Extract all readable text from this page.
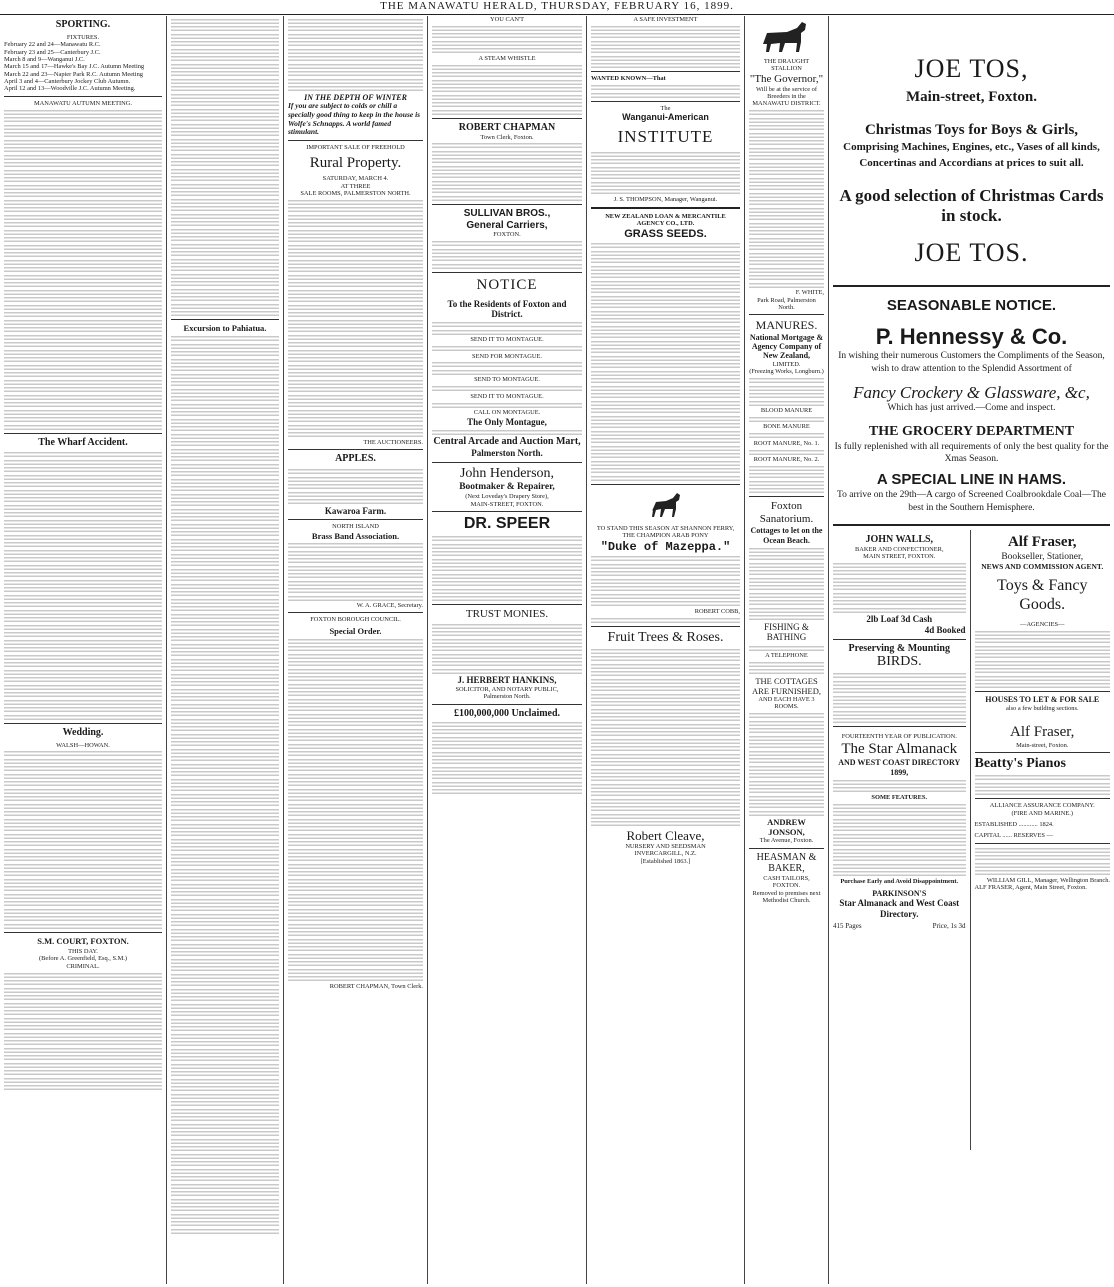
THE MANAWATU HERALD, THURSDAY, FEBRUARY 16, 1899.
SPORTING.
FIXTURES.
February 22 and 24—Manawatu R.C.
February 23 and 25—Canterbury J.C.
March 8 and 9—Wanganui J.C.
March 15 and 17—Hawke's Bay J.C. Autumn Meeting
March 22 and 23—Napier Park R.C. Autumn Meeting
April 3 and 4—Canterbury Jockey Club Autumn.
April 12 and 13—Woodville J.C. Autumn Meeting.
MANAWATU AUTUMN MEETING.
The Wharf Accident.
Wedding.
WALSH—HOWAN.
S.M. COURT, FOXTON.
THIS DAY.
(Before A. Greenfield, Esq., S.M.)
CRIMINAL.
Excursion to Pahiatua.
IN THE DEPTH OF WINTER
If you are subject to colds or chill a specially good thing to keep in the house is Wolfe's Schnapps. A world famed stimulant.
IMPORTANT SALE OF FREEHOLD
Rural Property.
SATURDAY, MARCH 4.
AT THREE
SALE ROOMS, PALMERSTON NORTH.
THE AUCTIONEERS.
APPLES.
Kawaroa Farm.
NORTH ISLAND
Brass Band Association.
W. A. GRACE, Secretary.
FOXTON BOROUGH COUNCIL.
Special Order.
ROBERT CHAPMAN, Town Clerk.
YOU CAN'T
A STEAM WHISTLE
ROBERT CHAPMAN
Town Clerk, Foxton.
SULLIVAN BROS.,
General Carriers,
FOXTON.
NOTICE
To the Residents of Foxton and District.
SEND IT TO MONTAGUE.
SEND FOR MONTAGUE.
SEND TO MONTAGUE.
SEND IT TO MONTAGUE.
CALL ON MONTAGUE.
The Only Montague,
Central Arcade and Auction Mart,
Palmerston North.
John Henderson,
Bootmaker & Repairer,
(Next Loveday's Drapery Store),
MAIN-STREET, FOXTON.
DR. SPEER
TRUST MONIES.
J. HERBERT HANKINS,
SOLICITOR, AND NOTARY PUBLIC,
Palmerston North.
£100,000,000 Unclaimed.
A SAFE INVESTMENT
WANTED KNOWN—That
The
Wanganui-American
INSTITUTE
J. S. THOMPSON, Manager, Wanganui.
NEW ZEALAND LOAN & MERCANTILE AGENCY CO., LTD.
GRASS SEEDS.
TO STAND THIS SEASON AT SHANNON FERRY,
THE CHAMPION ARAB PONY
"Duke of Mazeppa."
ROBERT COBB,
Fruit Trees & Roses.
Robert Cleave,
NURSERY AND SEEDSMAN
INVERCARGILL, N.Z.
[Established 1863.]
THE DRAUGHT STALLION
"The Governor,"
Will be at the service of Breeders in the
MANAWATU DISTRICT.
F. WHITE,
Park Road, Palmerston North.
MANURES.
National Mortgage & Agency Company of New Zealand,
LIMITED.
(Freezing Works, Longburn.)
BLOOD MANURE
BONE MANURE
ROOT MANURE, No. 1.
ROOT MANURE, No. 2.
Foxton Sanatorium.
Cottages to let on the Ocean Beach.
FISHING & BATHING
A TELEPHONE
THE COTTAGES ARE FURNISHED,
AND EACH HAVE 3 ROOMS.
ANDREW JONSON,
The Avenue, Foxton.
HEASMAN & BAKER,
CASH TAILORS,
FOXTON.
Removed to premises next Methodist Church.
JOE TOS,
Main-street, Foxton.
Christmas Toys for Boys & Girls,
Comprising Machines, Engines, etc., Vases of all kinds, Concertinas and Accordians at prices to suit all.
A good selection of Christmas Cards in stock.
JOE TOS.
SEASONABLE NOTICE.
P. Hennessy & Co.
In wishing their numerous Customers the Compliments of the Season, wish to draw attention to the Splendid Assortment of
Fancy Crockery & Glassware, &c,
Which has just arrived.—Come and inspect.
THE GROCERY DEPARTMENT
Is fully replenished with all requirements of only the best quality for the Xmas Season.
A SPECIAL LINE IN HAMS.
To arrive on the 29th—A cargo of Screened Coalbrookdale Coal—The best in the Southern Hemisphere.
JOHN WALLS,
BAKER AND CONFECTIONER,
MAIN STREET, FOXTON.
2lb Loaf 3d Cash
4d Booked
Preserving & Mounting
BIRDS.
FOURTEENTH YEAR OF PUBLICATION.
The Star Almanack
AND WEST COAST DIRECTORY 1899,
SOME FEATURES.
Purchase Early and Avoid Disappointment.
PARKINSON'S
Star Almanack and West Coast Directory.
415 Pages	Price, 1s 3d
Alf Fraser,
Bookseller, Stationer,
NEWS AND COMMISSION AGENT.
Toys & Fancy Goods.
—AGENCIES—
HOUSES TO LET & FOR SALE
also a few building sections.
Alf Fraser,
Main-street, Foxton.
Beatty's Pianos
ALLIANCE ASSURANCE COMPANY.
(FIRE AND MARINE.)
ESTABLISHED ............ 1824.
CAPITAL ...... RESERVES —
WILLIAM GILL, Manager, Wellington Branch.
ALF FRASER, Agent, Main Street, Foxton.
